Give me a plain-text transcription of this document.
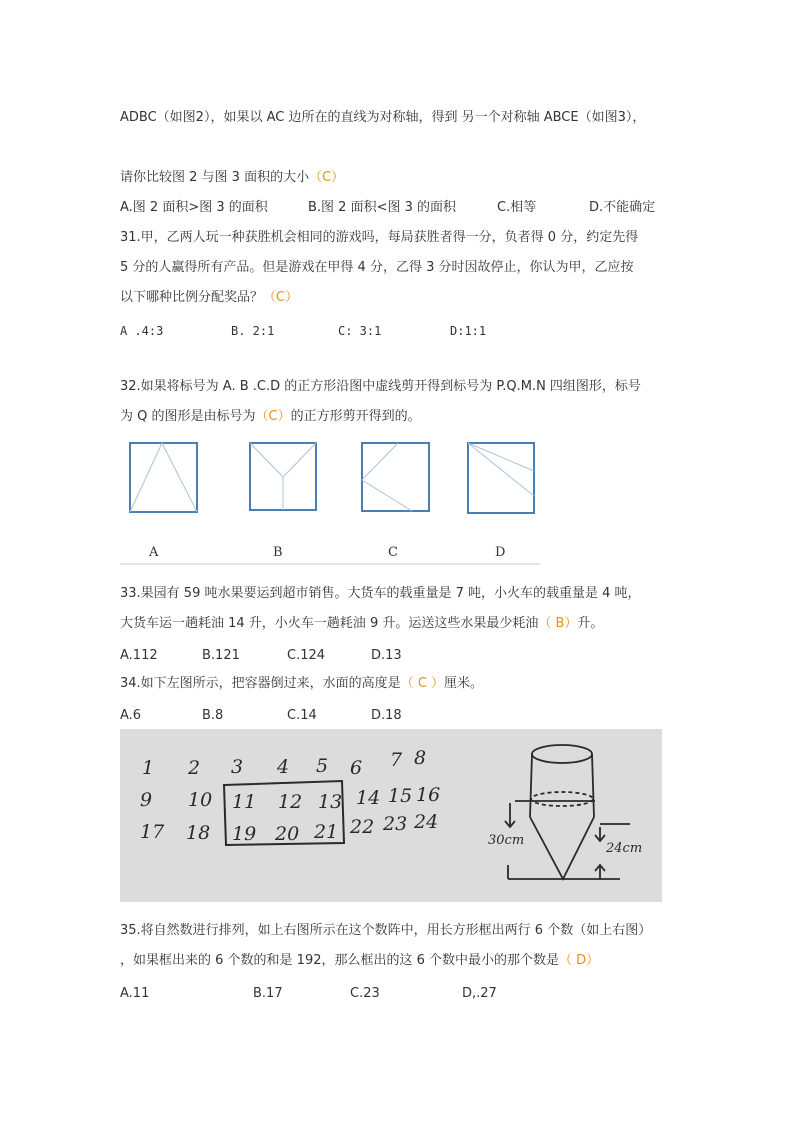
ADBC（如图2），如果以 AC 边所在的直线为对称轴，得到 另一个对称轴 ABCE（如图3），
请你比较图 2 与图 3 面积的大小（C）
A.图 2 面积>图 3 的面积	B.图 2 面积<图 3 的面积	C.相等	D.不能确定
31.甲，乙两人玩一种获胜机会相同的游戏吗，每局获胜者得一分，负者得 0 分，约定先得
5 分的人赢得所有产品。但是游戏在甲得 4 分，乙得 3 分时因故停止，你认为甲，乙应按
以下哪种比例分配奖品？（C）
A .4:3	B. 2:1	C: 3:1	D:1:1
32.如果将标号为 A. B .C.D 的正方形沿图中虚线剪开得到标号为 P.Q.M.N 四组图形，标号
为 Q 的图形是由标号为（C）的正方形剪开得到的。
A	B	C	D
33.果园有 59 吨水果要运到超市销售。大货车的载重量是 7 吨，小火车的载重量是 4 吨，
大货车运一趟耗油 14 升，小火车一趟耗油 9 升。运送这些水果最少耗油（ B）升。
A.112	B.121	C.124	D.13
34.如下左图所示，把容器倒过来，水面的高度是（ C ）厘米。
A.6	B.8	C.14	D.18
1 2 3 4 5 6 7 8
9 10 11 12 13 14 15 16
17 18 19 20 21 22 23 24
30cm
24cm
35.将自然数进行排列，如上右图所示在这个数阵中，用长方形框出两行 6 个数（如上右图）
，如果框出来的 6 个数的和是 192，那么框出的这 6 个数中最小的那个数是（ D）
A.11	B.17	C.23	D,.27
